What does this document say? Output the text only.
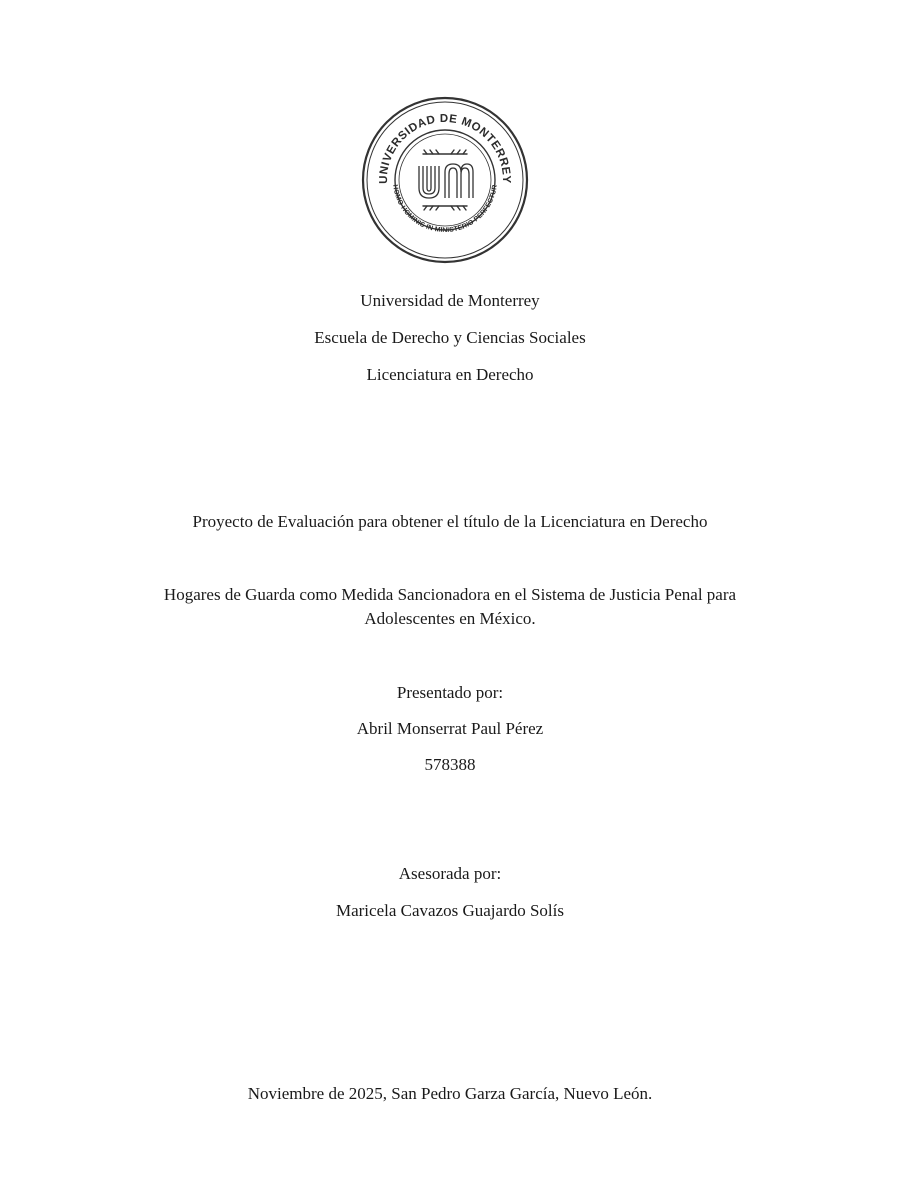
UNIVERSIDAD DE MONTERREY
HOMO HOMINIS IN MINISTERIO PERFECTUR
Universidad de Monterrey
Escuela de Derecho y Ciencias Sociales
Licenciatura en Derecho
Proyecto de Evaluación para obtener el título de la Licenciatura en Derecho
Hogares de Guarda como Medida Sancionadora en el Sistema de Justicia Penal para
Adolescentes en México.
Presentado por:
Abril Monserrat Paul Pérez
578388
Asesorada por:
Maricela Cavazos Guajardo Solís
Noviembre de 2025, San Pedro Garza García, Nuevo León.
